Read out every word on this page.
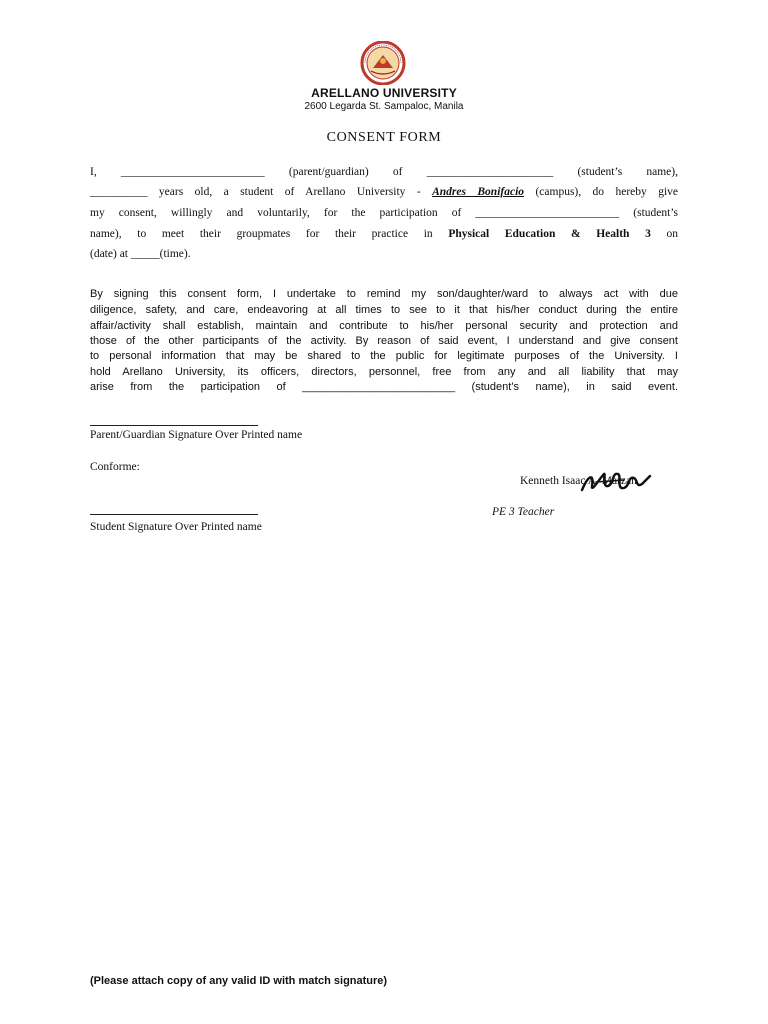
ARELLANO UNIVERSITY
2600 Legarda St. Sampaloc, Manila
CONSENT FORM
I, _________________________ (parent/guardian) of ______________________ (student’s name),
__________ years old, a student of Arellano University - Andres Bonifacio (campus), do hereby give
my consent, willingly and voluntarily, for the participation of _________________________ (student’s
name), to meet their groupmates for their practice in Physical Education & Health 3 on
(date) at _____(time).
By signing this consent form, I undertake to remind my son/daughter/ward to always act with due
diligence, safety, and care, endeavoring at all times to see to it that his/her conduct during the entire
affair/activity shall establish, maintain and contribute to his/her personal security and protection and
those of the other participants of the activity. By reason of said event, I understand and give consent
to personal information that may be shared to the public for legitimate purposes of the University. I
hold Arellano University, its officers, directors, personnel, free from any and all liability that may
arise from the participation of _________________________ (student’s name), in said event.
Parent/Guardian Signature Over Printed name
Conforme:
Kenneth Isaac A. Marzan
PE 3 Teacher
Student Signature Over Printed name
(Please attach copy of any valid ID with match signature)
